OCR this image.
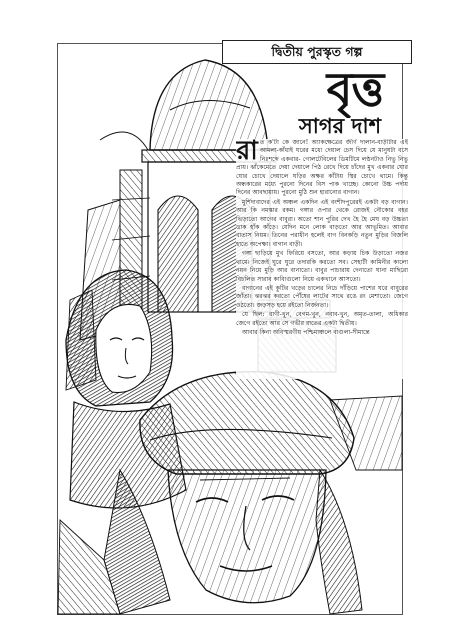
দ্বিতীয় পুরস্কৃত গল্প
বৃত্ত
সাগর দাশ

রাত ক'টা কে জানে! অ্যাকক্ষেত্রের জীর্ণ দালান-বাড়ীটার এই আমলা-কাঁধাই ঘরের মধ্যে দেয়াল চেস দিয়ে যে মানুষটা বসে নিঃশব্দে একবার- গোলটেবিলের ডিমটিমে লণ্ঠনটাও নিভু নিভু প্রায়। ঝাঁকেমেতে দেয়া দেয়ালে পিঠ রেখে দিয়ে চাঁদের মুখ একবার ঘোর ঘোর চোখে দেয়ালে ঘড়ির অক্ষর কাঁটায় স্থির চোখে থামে। কিন্তু অন্ধকারের মধ্যে পুরনো দিনের বিস পাক খাচ্ছে। কোনো উচ্চ পর্দায় দিনের আবছায়ায়। পুরনো মুঠি শুন হারানোর বাগান।

মুর্শিদাবাদের এই অঞ্চল একদিন এই বংশীদপুরেরই একটা বড় বাগান। আর কি নমস্কার রকম। গঙ্গার ওপার থেকে রোজই নৌকোর বহর ভিড়াতো আগের বাবুরা। অতো শান পুরির দেখ হৈ হৈ মেঘ বড় উচ্চতা ডাক হাঁক কাঁড়ে। যেদিন মনে লোক বাড়তো আর আভূমিত। আবার বাতাস নিয়ম। তিনের পরাধীন হলেই বাগ বিনকড়ি নতুন মুড়ির বিজলি হাতে অপেক্ষা। বাগান বাড়ী।

গঙ্গা ছাড়িয়ে মুখ ফিরিয়ে বসতো, আর কড়ায় চিক উড়াতো নজর থামে। নিজেই ঘুরে ঘুরে তদারকি করতো সব। সেহাটী কামিনীর কালো নয়ন নিয়ে মুড়ি আর বানাতো। বাবুর পাচারায় দেনাতো ঘানা মাছিরো বিচলিত সারাব কাব্যিগুলো নিয়ে একখানে আসতো।

বাগানের এই কুটির খড়ের চালের নিচে দাঁড়িয়ে পাশের ঘরে বাবুরের জাঁতা। ঝরঝর করতো পৌঁষের লাটের সাথে রঙে রং মেশাতো। জেগে ওঠতো। জড়সড় হয়ে রইতো নির্জনতা।

যে ছিল: রাণী-খুন, বেগম-খুন, নবাব-খুন, অমৃত-তালা, অধিকার জেগে রইতো আর সে গভীর রাতের একটা দ্বিতীয়।

আবার কিনা অবিস্মরণীয় পশ্চিমাঞ্চলে বাগুলা-সীমান্তে
